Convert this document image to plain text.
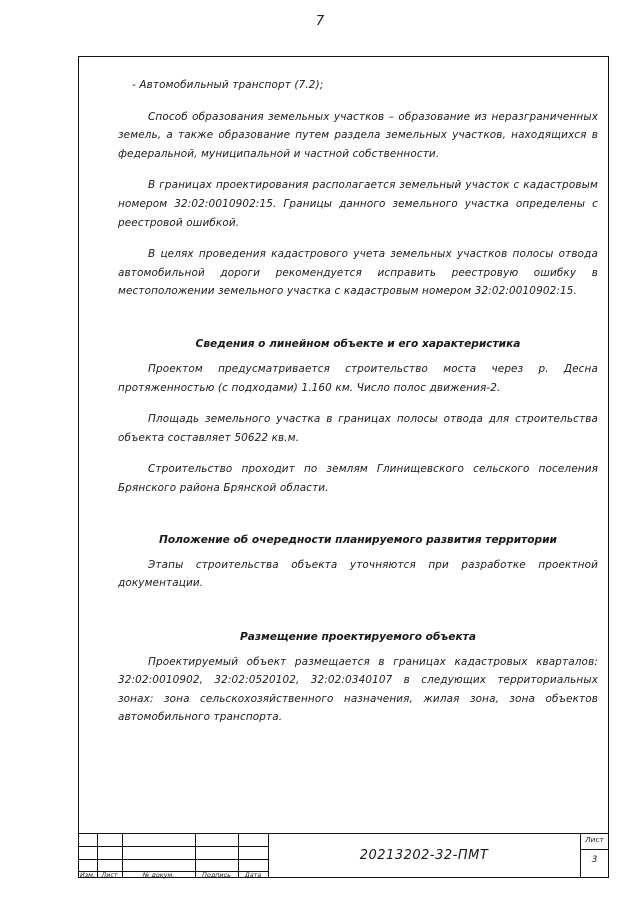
7

- Автомобильный транспорт (7.2);

Способ образования земельных участков – образование из неразграниченных земель, а также образование путем раздела земельных участков, находящихся в федеральной, муниципальной и частной собственности.

В границах проектирования располагается земельный участок с кадастровым номером 32:02:0010902:15. Границы данного земельного участка определены с реестровой ошибкой.

В целях проведения кадастрового учета земельных участков полосы отвода автомобильной дороги рекомендуется исправить реестровую ошибку в местоположении земельного участка с кадастровым номером 32:02:0010902:15.

Сведения о линейном объекте и его характеристика

Проектом предусматривается строительство моста через р. Десна протяженностью (с подходами) 1.160 км. Число полос движения-2.

Площадь земельного участка в границах полосы отвода для строительства объекта составляет 50622 кв.м.

Строительство проходит по землям Глинищевского сельского поселения Брянского района Брянской области.

Положение об очередности планируемого развития территории

Этапы строительства объекта уточняются при разработке проектной документации.

Размещение проектируемого объекта

Проектируемый объект размещается в границах кадастровых кварталов: 32:02:0010902, 32:02:0520102, 32:02:0340107 в следующих территориальных зонах: зона сельскохозяйственного назначения, жилая зона, зона объектов автомобильного транспорта.

Изм. Лист	№ докум.	Подпись	Дата
20213202-32-ПМТ
Лист
3
